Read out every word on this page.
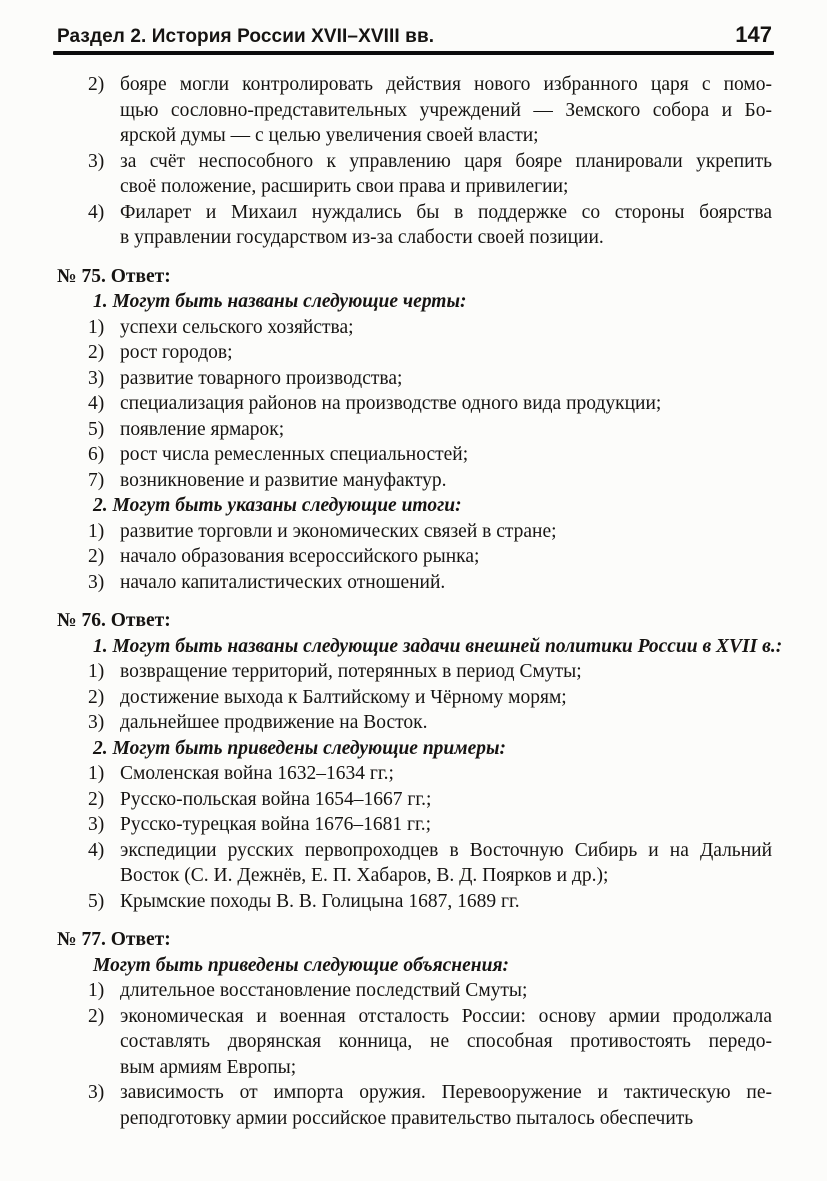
Раздел 2. История России XVII–XVIII вв.	147
2) бояре могли контролировать действия нового избранного царя с помо-
щью сословно-представительных учреждений — Земского собора и Бо-
ярской думы — с целью увеличения своей власти;
3) за счёт неспособного к управлению царя бояре планировали укрепить
своё положение, расширить свои права и привилегии;
4) Филарет и Михаил нуждались бы в поддержке со стороны боярства
в управлении государством из-за слабости своей позиции.
№ 75. Ответ:
1. Могут быть названы следующие черты:
1) успехи сельского хозяйства;
2) рост городов;
3) развитие товарного производства;
4) специализация районов на производстве одного вида продукции;
5) появление ярмарок;
6) рост числа ремесленных специальностей;
7) возникновение и развитие мануфактур.
2. Могут быть указаны следующие итоги:
1) развитие торговли и экономических связей в стране;
2) начало образования всероссийского рынка;
3) начало капиталистических отношений.
№ 76. Ответ:
1. Могут быть названы следующие задачи внешней политики России в XVII в.:
1) возвращение территорий, потерянных в период Смуты;
2) достижение выхода к Балтийскому и Чёрному морям;
3) дальнейшее продвижение на Восток.
2. Могут быть приведены следующие примеры:
1) Смоленская война 1632–1634 гг.;
2) Русско-польская война 1654–1667 гг.;
3) Русско-турецкая война 1676–1681 гг.;
4) экспедиции русских первопроходцев в Восточную Сибирь и на Дальний
Восток (С. И. Дежнёв, Е. П. Хабаров, В. Д. Поярков и др.);
5) Крымские походы В. В. Голицына 1687, 1689 гг.
№ 77. Ответ:
Могут быть приведены следующие объяснения:
1) длительное восстановление последствий Смуты;
2) экономическая и военная отсталость России: основу армии продолжала
составлять дворянская конница, не способная противостоять передо-
вым армиям Европы;
3) зависимость от импорта оружия. Перевооружение и тактическую пе-
реподготовку армии российское правительство пыталось обеспечить
